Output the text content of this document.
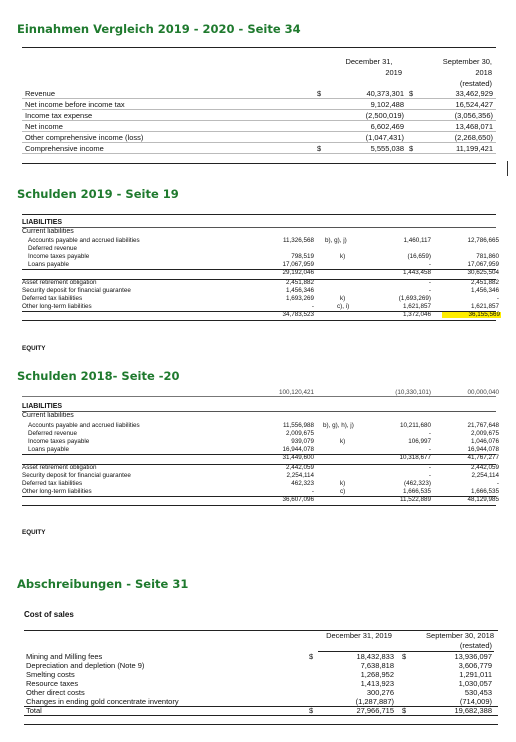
Einnahmen Vergleich 2019 - 2020 - Seite 34
Schulden 2019 - Seite 19
Schulden 2018- Seite -20
Abschreibungen - Seite 31
December 31,
2019
September 30,
2018
(restated)
Revenue	$	40,373,301 $	33,462,929
Net income before income tax	9,102,488	16,524,427
Income tax expense	(2,500,019)	(3,056,356)
Net income	6,602,469	13,468,071
Other comprehensive income (loss)	(1,047,431)	(2,268,650)
Comprehensive income	$	5,555,038 $	11,199,421
LIABILITIES
Current liabilities
Accounts payable and accrued liabilities	11,326,568 b), g), j)	1,460,117	12,786,665
Deferred revenue
Income taxes payable	798,519	k)	(16,659)	781,860
Loans payable	17,067,959	-	17,067,959
29,192,046	1,443,458	30,625,504
Asset retirement obligation	2,451,882	-	2,451,882
Security deposit for financial guarantee	1,456,346	-	1,456,346
Deferred tax liabilities	1,693,269	k)	(1,693,269)	-
Other long-term liabilities	-	c), i)	1,621,857	1,621,857
34,783,523	1,372,046	36,155,569
EQUITY
100,120,421	(10,330,101)	00,000,040
LIABILITIES
Current liabilities
Accounts payable and accrued liabilities	11,556,988 b), g), h), j)	10,211,680	21,767,648
Deferred revenue	2,009,675	-	2,009,675
Income taxes payable	939,079	k)	106,997	1,046,076
Loans payable	16,944,078	-	16,944,078
31,449,600	10,318,677	41,767,277
Asset retirement obligation	2,442,059	-	2,442,059
Security deposit for financial guarantee	2,254,114	-	2,254,114
Deferred tax liabilities	462,323	k)	(462,323)	-
Other long-term liabilities	-	c)	1,666,535	1,666,535
36,607,096	11,522,889	48,129,985
EQUITY
Cost of sales
December 31, 2019	September 30, 2018
(restated)
Mining and Milling fees	$	18,432,833 $	13,936,097
Depreciation and depletion (Note 9)	7,638,818	3,606,779
Smelting costs	1,268,952	1,291,011
Resource taxes	1,413,923	1,030,057
Other direct costs	300,276	530,453
Changes in ending gold concentrate inventory	(1,287,887)	(714,009)
Total	$	27,966,715 $	19,682,388
